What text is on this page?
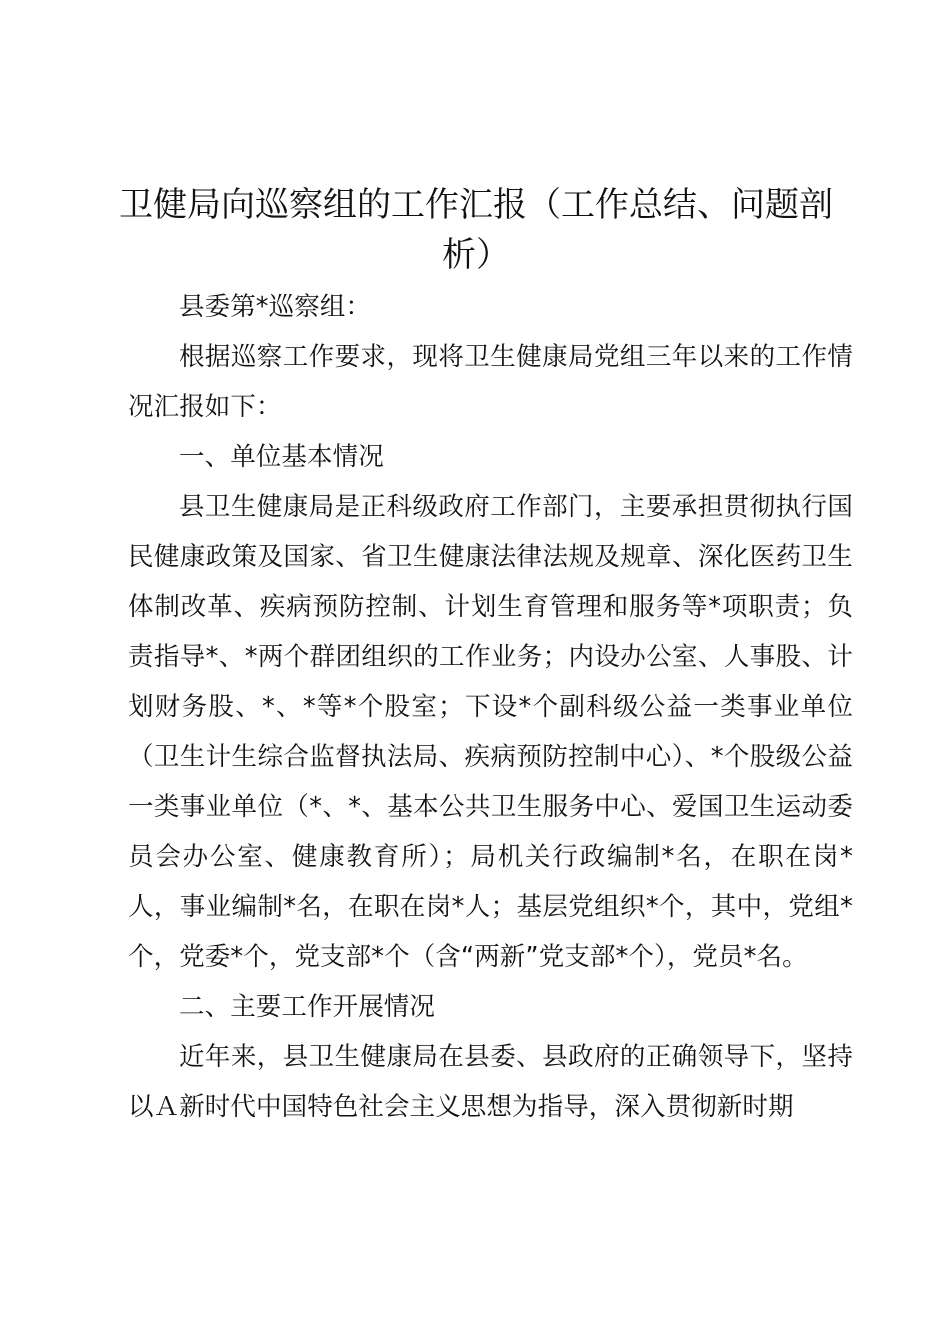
卫健局向巡察组的工作汇报（工作总结、问题剖析）

县委第*巡察组：

根据巡察工作要求，现将卫生健康局党组三年以来的工作情况汇报如下：

一、单位基本情况

县卫生健康局是正科级政府工作部门，主要承担贯彻执行国民健康政策及国家、省卫生健康法律法规及规章、深化医药卫生体制改革、疾病预防控制、计划生育管理和服务等*项职责；负责指导*、*两个群团组织的工作业务；内设办公室、人事股、计划财务股、*、*等*个股室；下设*个副科级公益一类事业单位（卫生计生综合监督执法局、疾病预防控制中心）、*个股级公益一类事业单位（*、*、基本公共卫生服务中心、爱国卫生运动委员会办公室、健康教育所）；局机关行政编制*名，在职在岗*人，事业编制*名，在职在岗*人；基层党组织*个，其中，党组*个，党委*个，党支部*个（含“两新”党支部*个），党员*名。

二、主要工作开展情况

近年来，县卫生健康局在县委、县政府的正确领导下，坚持以Ａ新时代中国特色社会主义思想为指导，深入贯彻新时期
